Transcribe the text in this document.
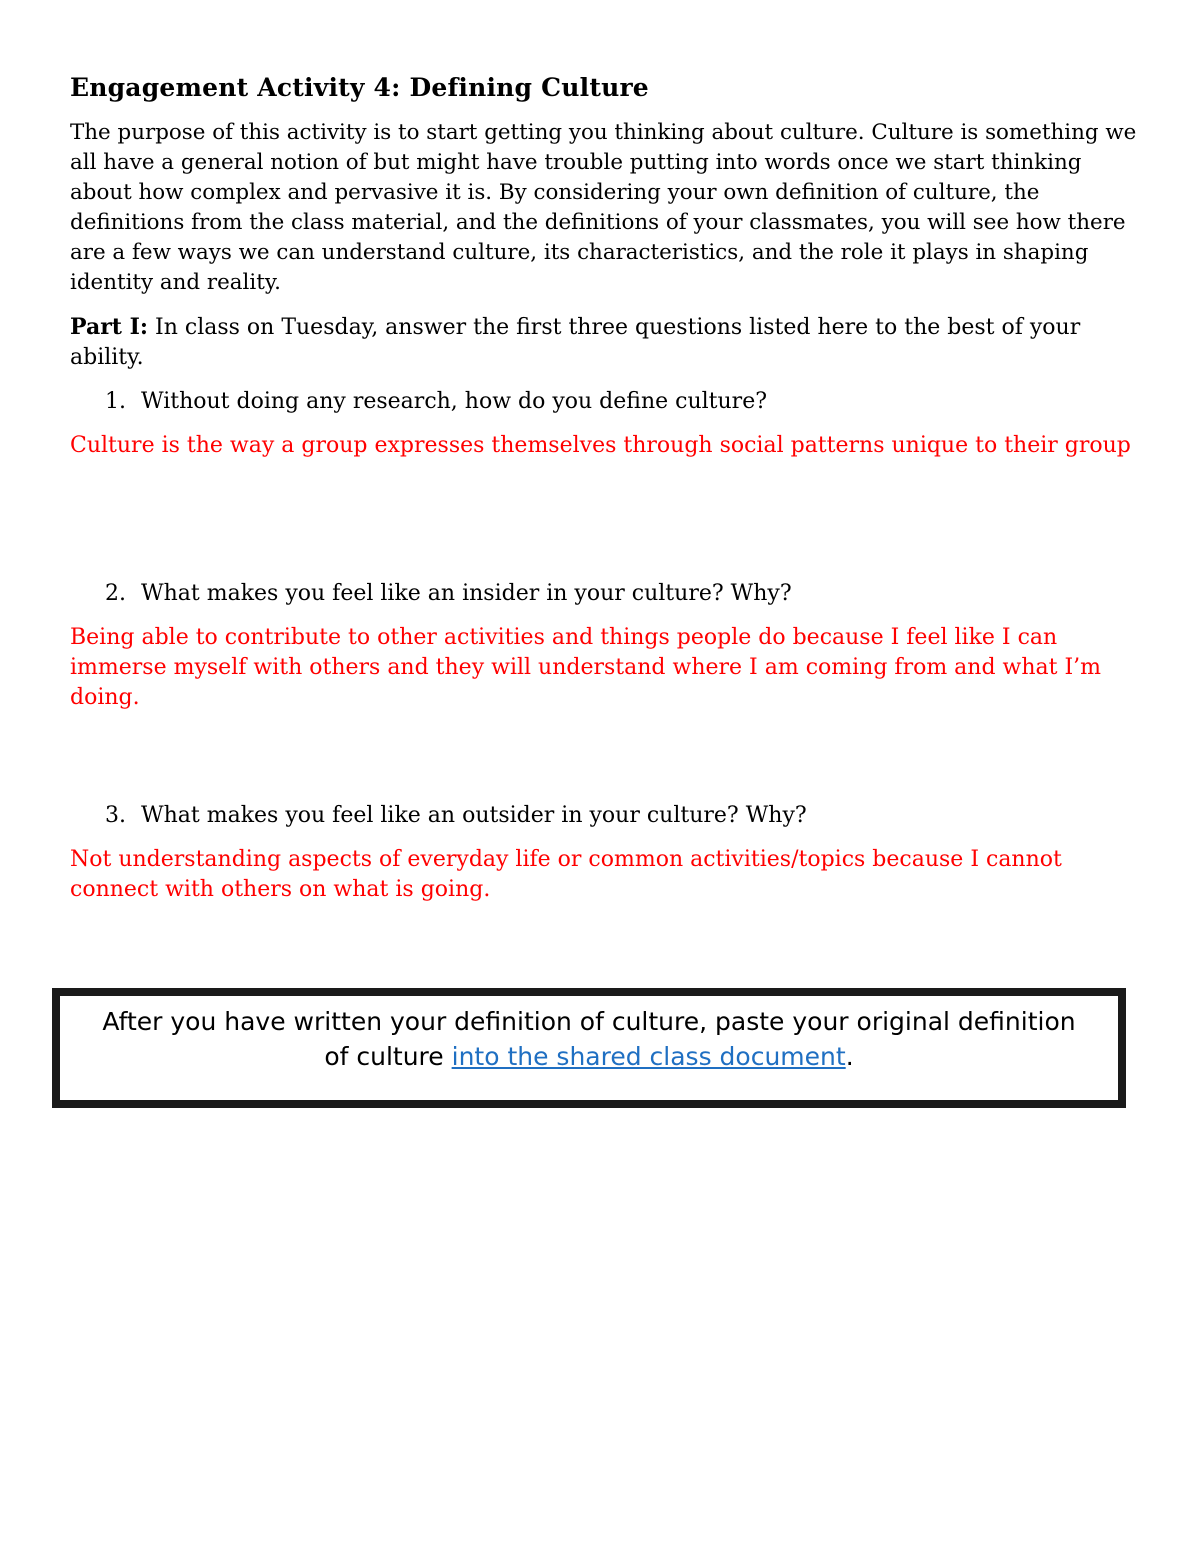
Engagement Activity 4: Defining Culture

The purpose of this activity is to start getting you thinking about culture. Culture is something we all have a general notion of but might have trouble putting into words once we start thinking about how complex and pervasive it is. By considering your own definition of culture, the definitions from the class material, and the definitions of your classmates, you will see how there are a few ways we can understand culture, its characteristics, and the role it plays in shaping identity and reality.

Part I: In class on Tuesday, answer the first three questions listed here to the best of your ability.

1. Without doing any research, how do you define culture?

Culture is the way a group expresses themselves through social patterns unique to their group

2. What makes you feel like an insider in your culture? Why?

Being able to contribute to other activities and things people do because I feel like I can immerse myself with others and they will understand where I am coming from and what I’m doing.

3. What makes you feel like an outsider in your culture? Why?

Not understanding aspects of everyday life or common activities/topics because I cannot connect with others on what is going.

After you have written your definition of culture, paste your original definition of culture into the shared class document.
